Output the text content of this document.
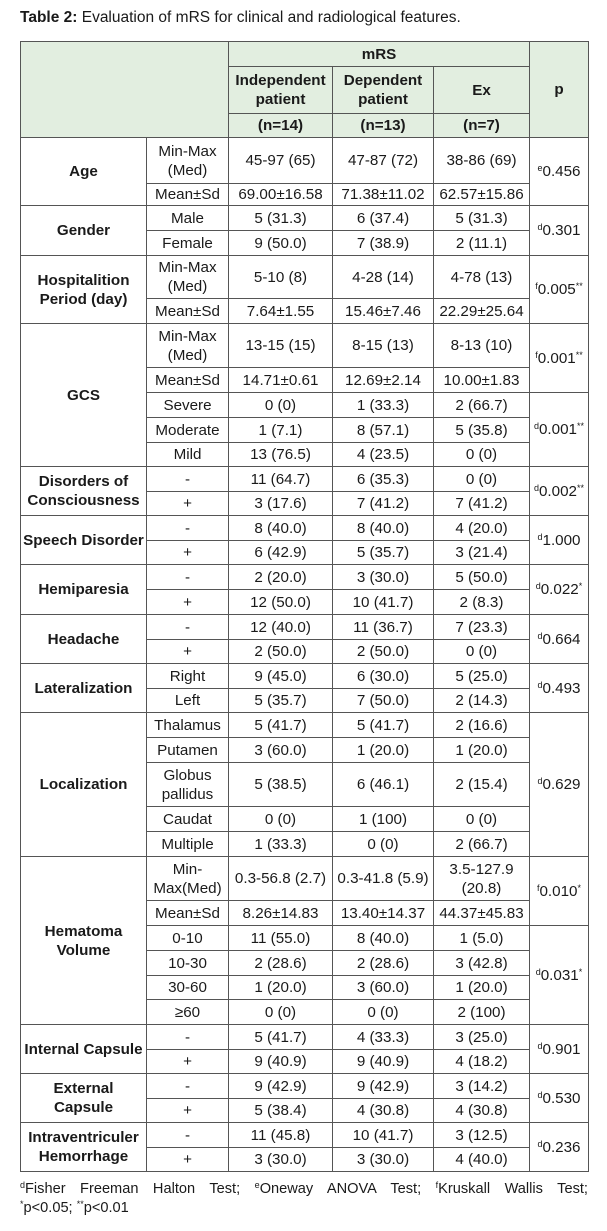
Table 2: Evaluation of mRS for clinical and radiological features.
		mRS			p
		Independent patient	Dependent patient	Ex	
		(n=14)	(n=13)	(n=7)	
Age	Min-Max (Med)	45-97 (65)	47-87 (72)	38-86 (69)	$^e$0.456
	Mean±Sd	69.00±16.58	71.38±11.02	62.57±15.86	
Gender	Male	5 (31.3)	6 (37.4)	5 (31.3)	$^d$0.301
	Female	9 (50.0)	7 (38.9)	2 (11.1)	
Hospitalition Period (day)	Min-Max (Med)	5-10 (8)	4-28 (14)	4-78 (13)	$^f$0.005**
	Mean±Sd	7.64±1.55	15.46±7.46	22.29±25.64	
GCS	Min-Max (Med)	13-15 (15)	8-15 (13)	8-13 (10)	$^f$0.001**
	Mean±Sd	14.71±0.61	12.69±2.14	10.00±1.83	
	Severe	0 (0)	1 (33.3)	2 (66.7)	$^d$0.001**
	Moderate	1 (7.1)	8 (57.1)	5 (35.8)	
	Mild	13 (76.5)	4 (23.5)	0 (0)	
Disorders of Consciousness	-	11 (64.7)	6 (35.3)	0 (0)	$^d$0.002**
	+	3 (17.6)	7 (41.2)	7 (41.2)	
Speech Disorder	-	8 (40.0)	8 (40.0)	4 (20.0)	$^d$1.000
	+	6 (42.9)	5 (35.7)	3 (21.4)	
Hemiparesia	-	2 (20.0)	3 (30.0)	5 (50.0)	$^d$0.022*
	+	12 (50.0)	10 (41.7)	2 (8.3)	
Headache	-	12 (40.0)	11 (36.7)	7 (23.3)	$^d$0.664
	+	2 (50.0)	2 (50.0)	0 (0)	
Lateralization	Right	9 (45.0)	6 (30.0)	5 (25.0)	$^d$0.493
	Left	5 (35.7)	7 (50.0)	2 (14.3)	
Localization	Thalamus	5 (41.7)	5 (41.7)	2 (16.6)	$^d$0.629
	Putamen	3 (60.0)	1 (20.0)	1 (20.0)	
	Globus pallidus	5 (38.5)	6 (46.1)	2 (15.4)	
	Caudat	0 (0)	1 (100)	0 (0)	
	Multiple	1 (33.3)	0 (0)	2 (66.7)	
Hematoma Volume	Min-Max(Med)	0.3-56.8 (2.7)	0.3-41.8 (5.9)	3.5-127.9 (20.8)	$^f$0.010*
	Mean±Sd	8.26±14.83	13.40±14.37	44.37±45.83	
	0-10	11 (55.0)	8 (40.0)	1 (5.0)	$^d$0.031*
	10-30	2 (28.6)	2 (28.6)	3 (42.8)	
	30-60	1 (20.0)	3 (60.0)	1 (20.0)	
	≥60	0 (0)	0 (0)	2 (100)	
Internal Capsule	-	5 (41.7)	4 (33.3)	3 (25.0)	$^d$0.901
	+	9 (40.9)	9 (40.9)	4 (18.2)	
External Capsule	-	9 (42.9)	9 (42.9)	3 (14.2)	$^d$0.530
	+	5 (38.4)	4 (30.8)	4 (30.8)	
Intraventriculer Hemorrhage	-	11 (45.8)	10 (41.7)	3 (12.5)	$^d$0.236
	+	3 (30.0)	3 (30.0)	4 (40.0)	
$^d$Fisher Freeman Halton Test; $^e$Oneway ANOVA Test; $^f$Kruskall Wallis Test;
*p<0.05; **p<0.01
